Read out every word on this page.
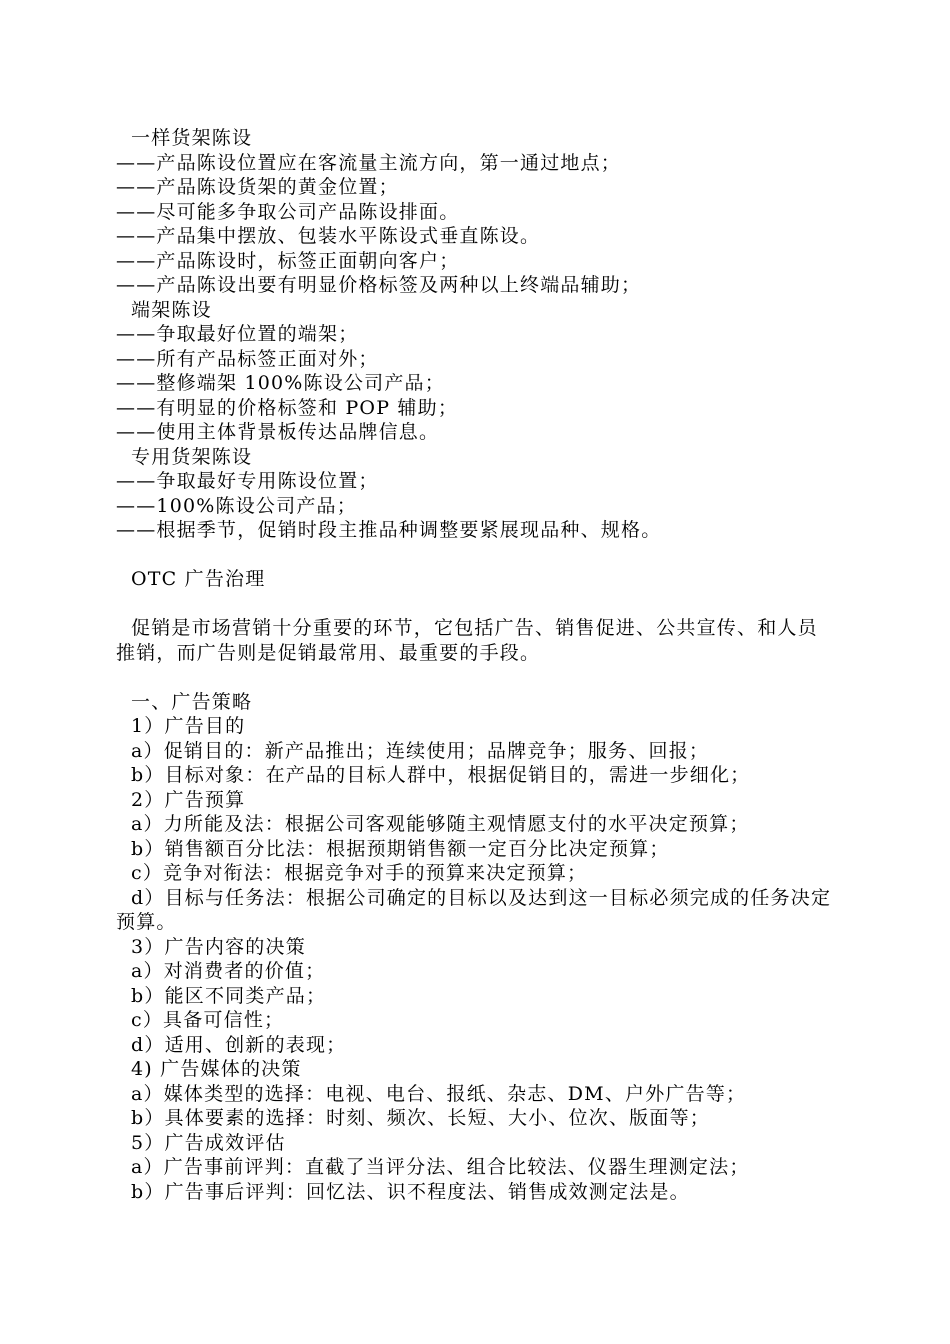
一样货架陈设
——产品陈设位置应在客流量主流方向，第一通过地点；
——产品陈设货架的黄金位置；
——尽可能多争取公司产品陈设排面。
——产品集中摆放、包装水平陈设式垂直陈设。
——产品陈设时，标签正面朝向客户；
——产品陈设出要有明显价格标签及两种以上终端品辅助；
端架陈设
——争取最好位置的端架；
——所有产品标签正面对外；
——整修端架 100%陈设公司产品；
——有明显的价格标签和 POP 辅助；
——使用主体背景板传达品牌信息。
专用货架陈设
——争取最好专用陈设位置；
——100%陈设公司产品；
——根据季节，促销时段主推品种调整要紧展现品种、规格。
OTC 广告治理
促销是市场营销十分重要的环节，它包括广告、销售促进、公共宣传、和人员推销，而广告则是促销最常用、最重要的手段。
一、广告策略
1）广告目的
a）促销目的：新产品推出；连续使用；品牌竞争；服务、回报；
b）目标对象：在产品的目标人群中，根据促销目的，需进一步细化；
2）广告预算
a）力所能及法：根据公司客观能够随主观情愿支付的水平决定预算；
b）销售额百分比法：根据预期销售额一定百分比决定预算；
c）竞争对衔法：根据竞争对手的预算来决定预算；
d）目标与任务法：根据公司确定的目标以及达到这一目标必须完成的任务决定预算。
3）广告内容的决策
a）对消费者的价值；
b）能区不同类产品；
c）具备可信性；
d）适用、创新的表现；
4) 广告媒体的决策
a）媒体类型的选择：电视、电台、报纸、杂志、DM、户外广告等；
b）具体要素的选择：时刻、频次、长短、大小、位次、版面等；
5）广告成效评估
a）广告事前评判：直截了当评分法、组合比较法、仪器生理测定法；
b）广告事后评判：回忆法、识不程度法、销售成效测定法是。
